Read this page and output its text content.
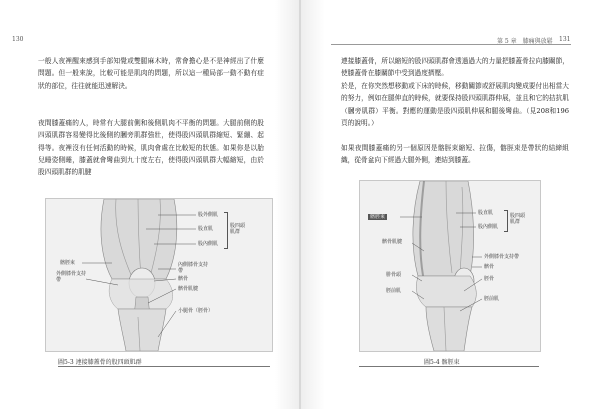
130

一般人夜裡醒來感到手部知覺或雙腿麻木時，常會擔心是不是神經出了什麼問題。但一般來說，比較可能是肌肉的問題，所以這一種局部一動不動有症狀的部位，往往就能迅速解決。

夜間膝蓋痛的人，時常有大腿前側和後側肌肉不平衡的問題。大腿前側的股四頭肌群容易變得比後側的膕旁肌群強壯，使得股四頭肌群縮短、緊繃、起得等。夜裡沒有任何活動的時候，肌肉會處在比較短的狀態。如果你是以胎兒睡姿側睡，膝蓋就會彎曲到九十度左右，使得股四頭肌群大幅縮短，由於股四頭肌群的肌腱

股外側肌
股直肌
股內側肌
股四頭肌群
髂脛束
外側膝骨支持帶
內側膝骨支持帶
髕骨
髕骨肌腱
小腿骨（脛骨）
圖5-3 連接膝蓋骨的股四頭肌群
第 5 章　膝痛與放鬆 131

連接膝蓋骨，所以縮短的股四頭肌群會透過過大的力量把膝蓋骨拉向膝關節，使膝蓋骨在膝關節中受到過度擠壓。

於是，在你突然想移動或下床的時候，移動關節或舒展肌肉變成要付出相當大的努力，例如在腿伸直的時候，就要保持股四頭肌群伸展，並且和它的拮抗肌（膕旁肌群）平衡。對應的運動是股四頭肌伸展和腿後彎曲。（見208和196頁的說明。）

如果夜間膝蓋痛的另一個原因是髂脛束縮短、拉傷，髂脛束是帶狀的結締組織，從骨盆向下經過大腿外側，連結到膝蓋。

髂脛束
股直肌
股內側肌
股四頭肌群
髕骨肌腱
外側膝骨支持帶
髕骨
腓骨頭
脛前肌
脛骨
脛前肌
圖5-4 髂脛束
